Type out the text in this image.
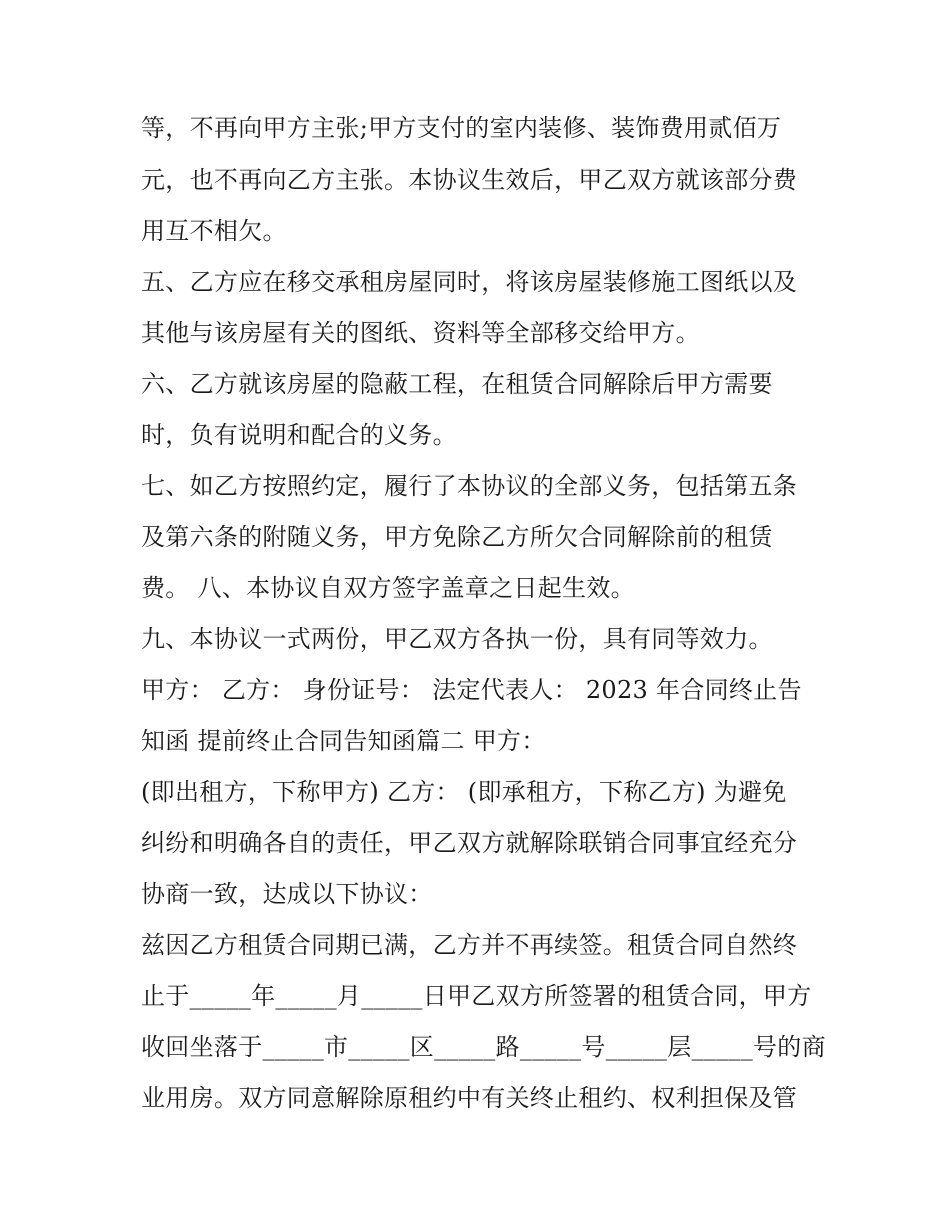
等，不再向甲方主张;甲方支付的室内装修、装饰费用贰佰万
元，也不再向乙方主张。本协议生效后，甲乙双方就该部分费
用互不相欠。
五、乙方应在移交承租房屋同时，将该房屋装修施工图纸以及
其他与该房屋有关的图纸、资料等全部移交给甲方。
六、乙方就该房屋的隐蔽工程，在租赁合同解除后甲方需要
时，负有说明和配合的义务。
七、如乙方按照约定，履行了本协议的全部义务，包括第五条
及第六条的附随义务，甲方免除乙方所欠合同解除前的租赁
费。 八、本协议自双方签字盖章之日起生效。
九、本协议一式两份，甲乙双方各执一份，具有同等效力。
甲方： 乙方： 身份证号： 法定代表人： 2023 年合同终止告
知函 提前终止合同告知函篇二 甲方：
(即出租方，下称甲方) 乙方： (即承租方，下称乙方) 为避免
纠纷和明确各自的责任，甲乙双方就解除联销合同事宜经充分
协商一致，达成以下协议：
兹因乙方租赁合同期已满，乙方并不再续签。租赁合同自然终
止于_____年_____月_____日甲乙双方所签署的租赁合同，甲方
收回坐落于_____市_____区_____路_____号_____层_____号的商
业用房。双方同意解除原租约中有关终止租约、权利担保及管
